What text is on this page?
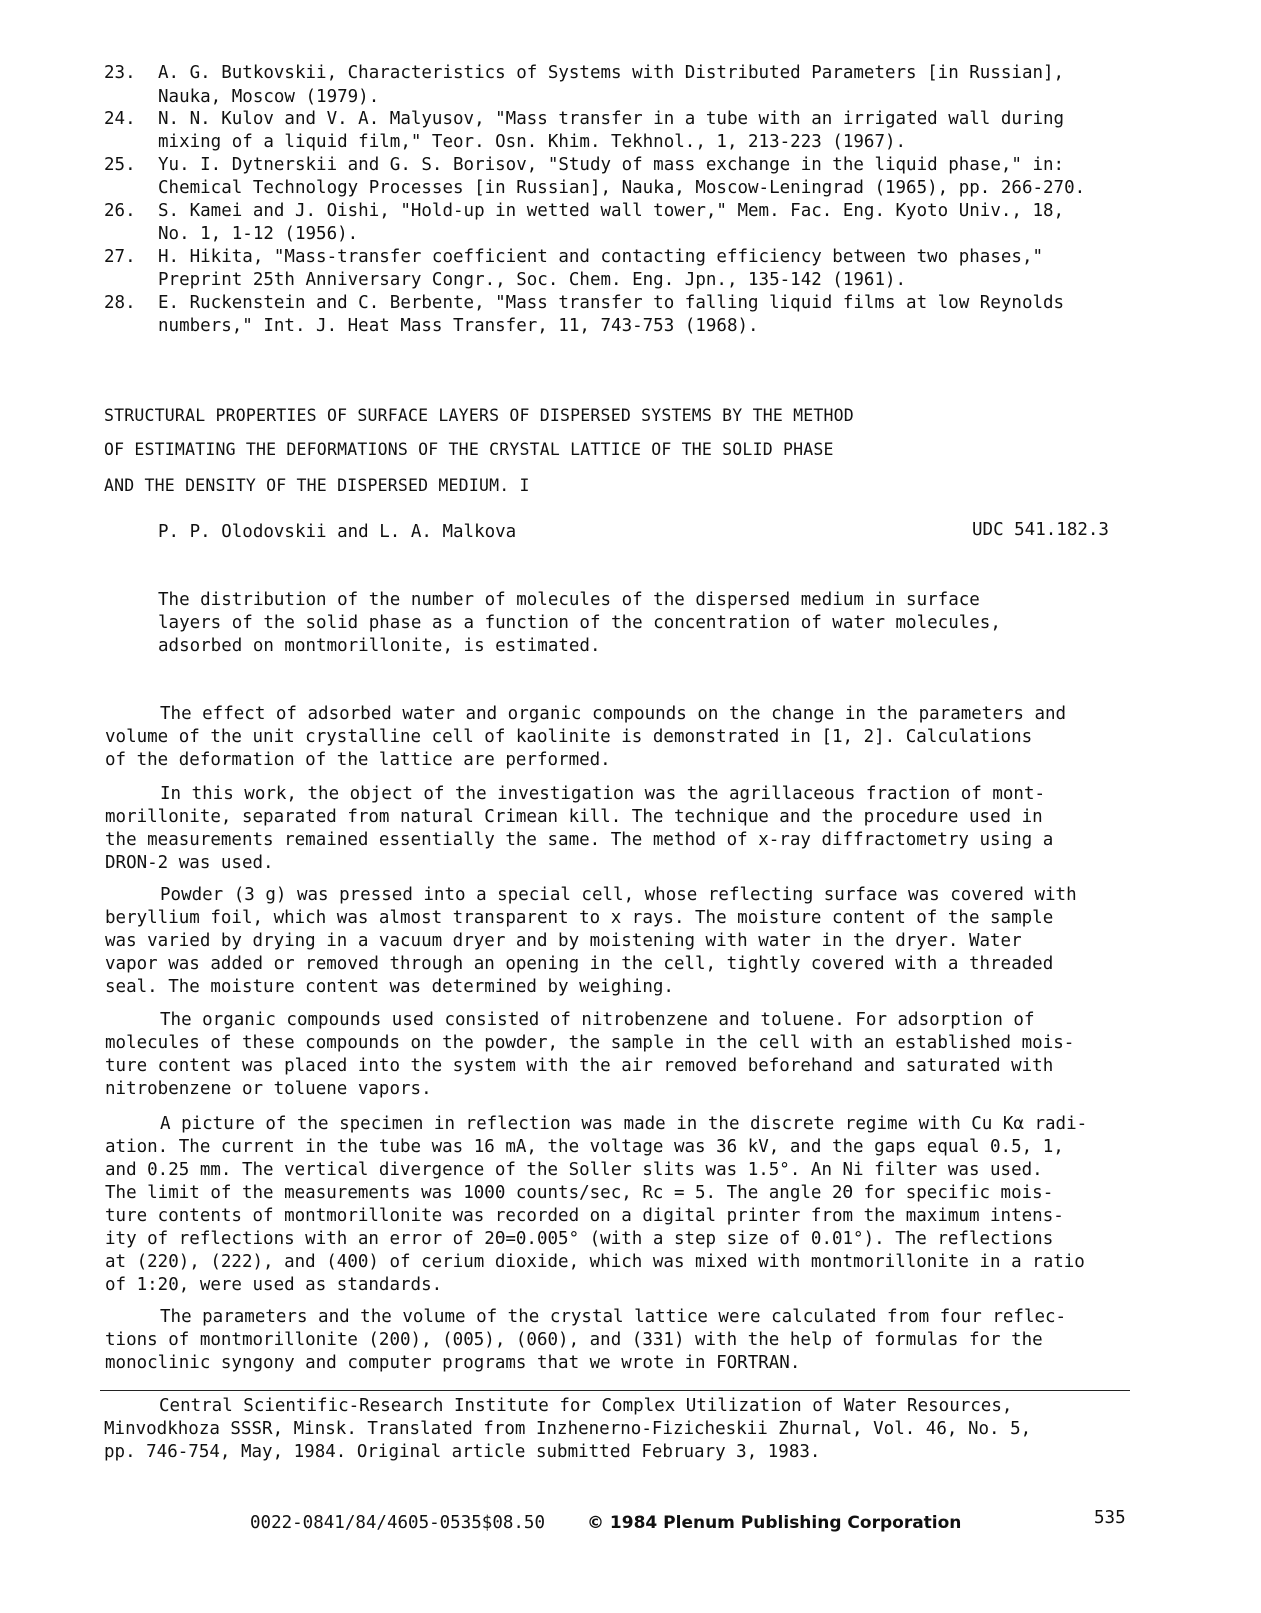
23.	A. G. Butkovskii, Characteristics of Systems with Distributed Parameters [in Russian],
Nauka, Moscow (1979).
24.	N. N. Kulov and V. A. Malyusov, "Mass transfer in a tube with an irrigated wall during
mixing of a liquid film," Teor. Osn. Khim. Tekhnol., 1, 213-223 (1967).
25.	Yu. I. Dytnerskii and G. S. Borisov, "Study of mass exchange in the liquid phase," in:
Chemical Technology Processes [in Russian], Nauka, Moscow-Leningrad (1965), pp. 266-270.
26.	S. Kamei and J. Oishi, "Hold-up in wetted wall tower," Mem. Fac. Eng. Kyoto Univ., 18,
No. 1, 1-12 (1956).
27.	H. Hikita, "Mass-transfer coefficient and contacting efficiency between two phases,"
Preprint 25th Anniversary Congr., Soc. Chem. Eng. Jpn., 135-142 (1961).
28.	E. Ruckenstein and C. Berbente, "Mass transfer to falling liquid films at low Reynolds
numbers," Int. J. Heat Mass Transfer, 11, 743-753 (1968).
STRUCTURAL PROPERTIES OF SURFACE LAYERS OF DISPERSED SYSTEMS BY THE METHOD
OF ESTIMATING THE DEFORMATIONS OF THE CRYSTAL LATTICE OF THE SOLID PHASE
AND THE DENSITY OF THE DISPERSED MEDIUM. I
P. P. Olodovskii and L. A. Malkova	UDC 541.182.3
The distribution of the number of molecules of the dispersed medium in surface
layers of the solid phase as a function of the concentration of water molecules,
adsorbed on montmorillonite, is estimated.
The effect of adsorbed water and organic compounds on the change in the parameters and
volume of the unit crystalline cell of kaolinite is demonstrated in [1, 2]. Calculations
of the deformation of the lattice are performed.
In this work, the object of the investigation was the agrillaceous fraction of mont-
morillonite, separated from natural Crimean kill. The technique and the procedure used in
the measurements remained essentially the same. The method of x-ray diffractometry using a
DRON-2 was used.
Powder (3 g) was pressed into a special cell, whose reflecting surface was covered with
beryllium foil, which was almost transparent to x rays. The moisture content of the sample
was varied by drying in a vacuum dryer and by moistening with water in the dryer. Water
vapor was added or removed through an opening in the cell, tightly covered with a threaded
seal. The moisture content was determined by weighing.
The organic compounds used consisted of nitrobenzene and toluene. For adsorption of
molecules of these compounds on the powder, the sample in the cell with an established mois-
ture content was placed into the system with the air removed beforehand and saturated with
nitrobenzene or toluene vapors.
A picture of the specimen in reflection was made in the discrete regime with Cu Kα radi-
ation. The current in the tube was 16 mA, the voltage was 36 kV, and the gaps equal 0.5, 1,
and 0.25 mm. The vertical divergence of the Soller slits was 1.5°. An Ni filter was used.
The limit of the measurements was 1000 counts/sec, Rc = 5. The angle 2Θ for specific mois-
ture contents of montmorillonite was recorded on a digital printer from the maximum intens-
ity of reflections with an error of 2Θ=0.005° (with a step size of 0.01°). The reflections
at (220), (222), and (400) of cerium dioxide, which was mixed with montmorillonite in a ratio
of 1:20, were used as standards.
The parameters and the volume of the crystal lattice were calculated from four reflec-
tions of montmorillonite (200), (005), (060), and (331) with the help of formulas for the
monoclinic syngony and computer programs that we wrote in FORTRAN.
Central Scientific-Research Institute for Complex Utilization of Water Resources,
Minvodkhoza SSSR, Minsk. Translated from Inzhenerno-Fizicheskii Zhurnal, Vol. 46, No. 5,
pp. 746-754, May, 1984. Original article submitted February 3, 1983.
0022-0841/84/4605-0535$08.50 © 1984 Plenum Publishing Corporation	535
